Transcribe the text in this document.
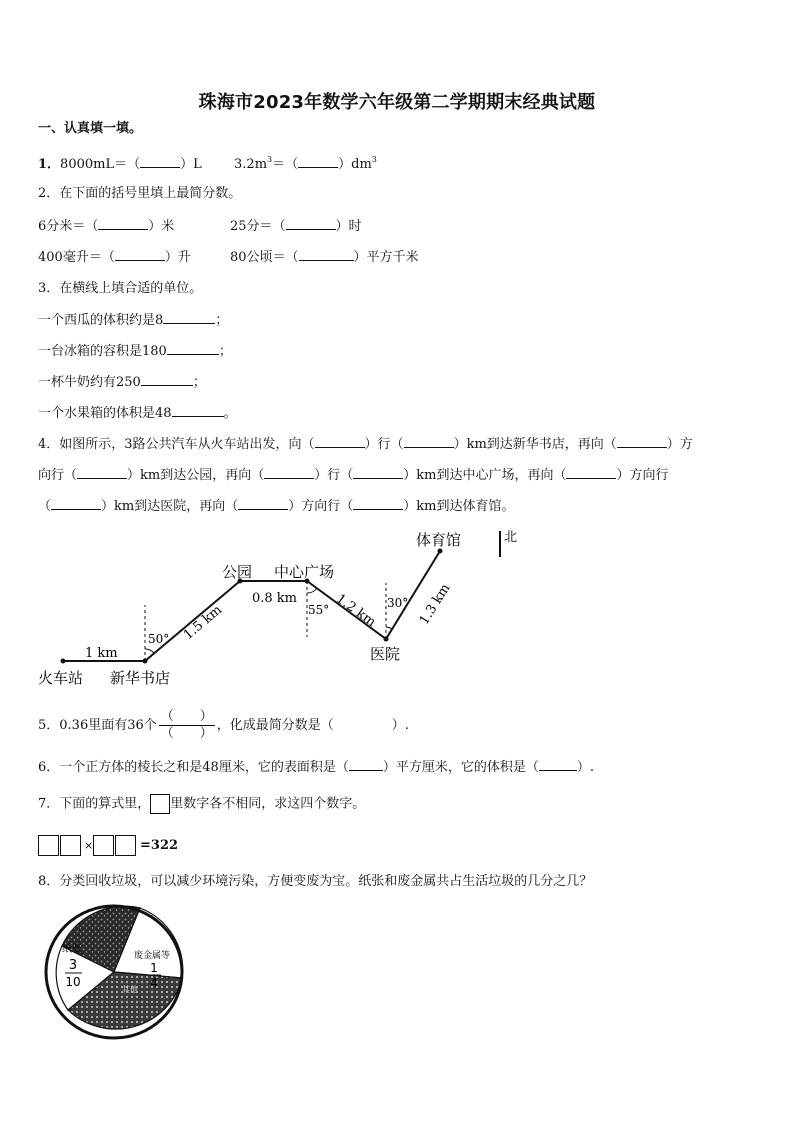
珠海市2023年数学六年级第二学期期末经典试题
一、认真填一填。
1．8000mL＝（	）L $3.2m^3=$（	）$dm^3$
2．在下面的括号里填上最简分数。
6分米＝（	）米	25分＝（	）时
400毫升＝（	）升	80公顷＝（	）平方千米
3．在横线上填合适的单位。
一个西瓜的体积约是8	；
一台冰箱的容积是180	；
一杯牛奶约有250	；
一个水果箱的体积是48	。
4．如图所示，3路公共汽车从火车站出发，向（	）行（	）km到达新华书店，再向（	）方
向行（	）km到达公园，再向（	）行（	）km到达中心广场，再向（	）方向行
（	）km到达医院，再向（	）方向行（	）km到达体育馆。
北
火车站 新华书店
公园 中心广场
医院
体育馆
1 km
1.5 km
0.8 km	1.2 km	1.3 km
50°
55°	30°
5．0.36里面有36个
（　　）
（　　）
，化成最简分数是（	）.
6．一个正方体的棱长之和是48厘米，它的表面积是（	）平方厘米，它的体积是（	）.
7．下面的算式里， 里数字各不相同，求这四个数字。
×	=322
8．分类回收垃圾，可以减少环境污染，方便变废为宝。纸张和废金属共占生活垃圾的几分之几？
纸张
3
10
废金属等
1
4
其他
